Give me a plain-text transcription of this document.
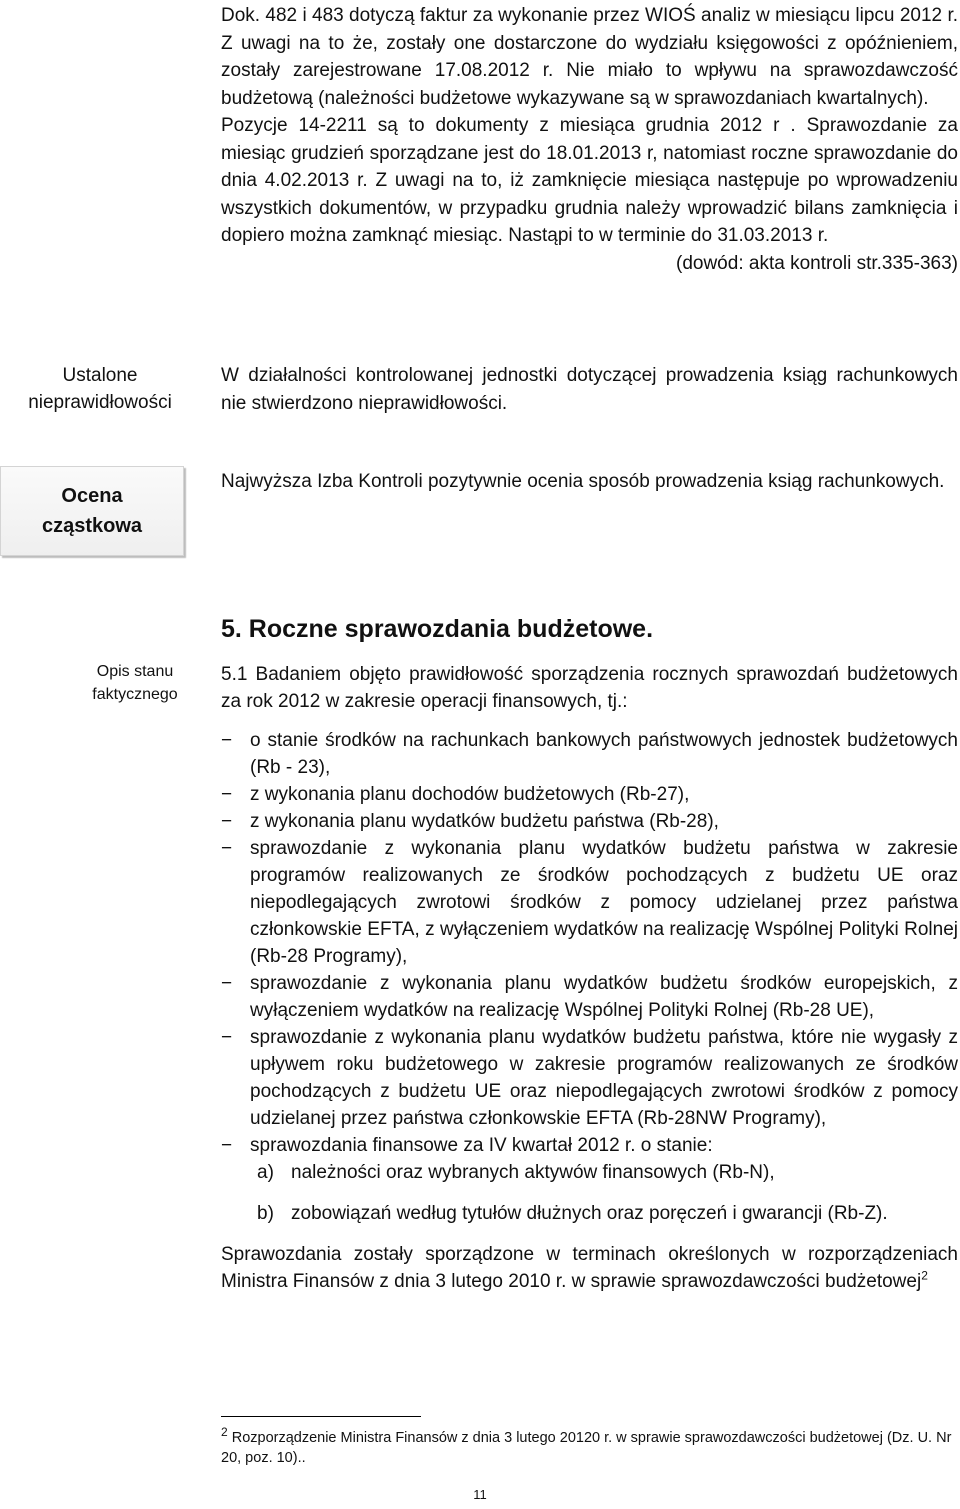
Dok. 482 i 483 dotyczą faktur za wykonanie przez WIOŚ analiz w miesiącu lipcu 2012 r. Z uwagi na to że, zostały one dostarczone do wydziału księgowości z opóźnieniem, zostały zarejestrowane 17.08.2012 r. Nie miało to wpływu na sprawozdawczość budżetową (należności budżetowe wykazywane są w sprawozdaniach kwartalnych).

Pozycje 14-2211 są to dokumenty z miesiąca grudnia 2012 r . Sprawozdanie za miesiąc grudzień sporządzane jest do 18.01.2013 r, natomiast roczne sprawozdanie do dnia 4.02.2013 r. Z uwagi na to, iż zamknięcie miesiąca następuje po wprowadzeniu wszystkich dokumentów, w przypadku grudnia należy wprowadzić bilans zamknięcia i dopiero można zamknąć miesiąc. Nastąpi to w terminie do 31.03.2013 r.

(dowód: akta kontroli str.335-363)

Ustalone
nieprawidłowości

W działalności kontrolowanej jednostki dotyczącej prowadzenia ksiąg rachunkowych nie stwierdzono nieprawidłowości.

Ocena
cząstkowa

Najwyższa Izba Kontroli pozytywnie ocenia sposób prowadzenia ksiąg rachunkowych.

5. Roczne sprawozdania budżetowe.
Opis stanu
faktycznego

5.1 Badaniem objęto prawidłowość sporządzenia rocznych sprawozdań budżetowych za rok 2012 w zakresie operacji finansowych, tj.:

− o stanie środków na rachunkach bankowych państwowych jednostek budżetowych (Rb - 23),
− z wykonania planu dochodów budżetowych (Rb-27),
− z wykonania planu wydatków budżetu państwa (Rb-28),
− sprawozdanie z wykonania planu wydatków budżetu państwa w zakresie programów realizowanych ze środków pochodzących z budżetu UE oraz niepodlegających zwrotowi środków z pomocy udzielanej przez państwa członkowskie EFTA, z wyłączeniem wydatków na realizację Wspólnej Polityki Rolnej (Rb-28 Programy),
− sprawozdanie z wykonania planu wydatków budżetu środków europejskich, z wyłączeniem wydatków na realizację Wspólnej Polityki Rolnej (Rb-28 UE),
− sprawozdanie z wykonania planu wydatków budżetu państwa, które nie wygasły z upływem roku budżetowego w zakresie programów realizowanych ze środków pochodzących z budżetu UE oraz niepodlegających zwrotowi środków z pomocy udzielanej przez państwa członkowskie EFTA (Rb-28NW Programy),
− sprawozdania finansowe za IV kwartał 2012 r. o stanie:
a) należności oraz wybranych aktywów finansowych (Rb-N),
b) zobowiązań według tytułów dłużnych oraz poręczeń i gwarancji (Rb-Z).

Sprawozdania zostały sporządzone w terminach określonych w rozporządzeniach Ministra Finansów z dnia 3 lutego 2010 r. w sprawie sprawozdawczości budżetowej$^2$

$^2$ Rozporządzenie Ministra Finansów z dnia 3 lutego 20120 r. w sprawie sprawozdawczości budżetowej (Dz. U. Nr 20, poz. 10)..
11
